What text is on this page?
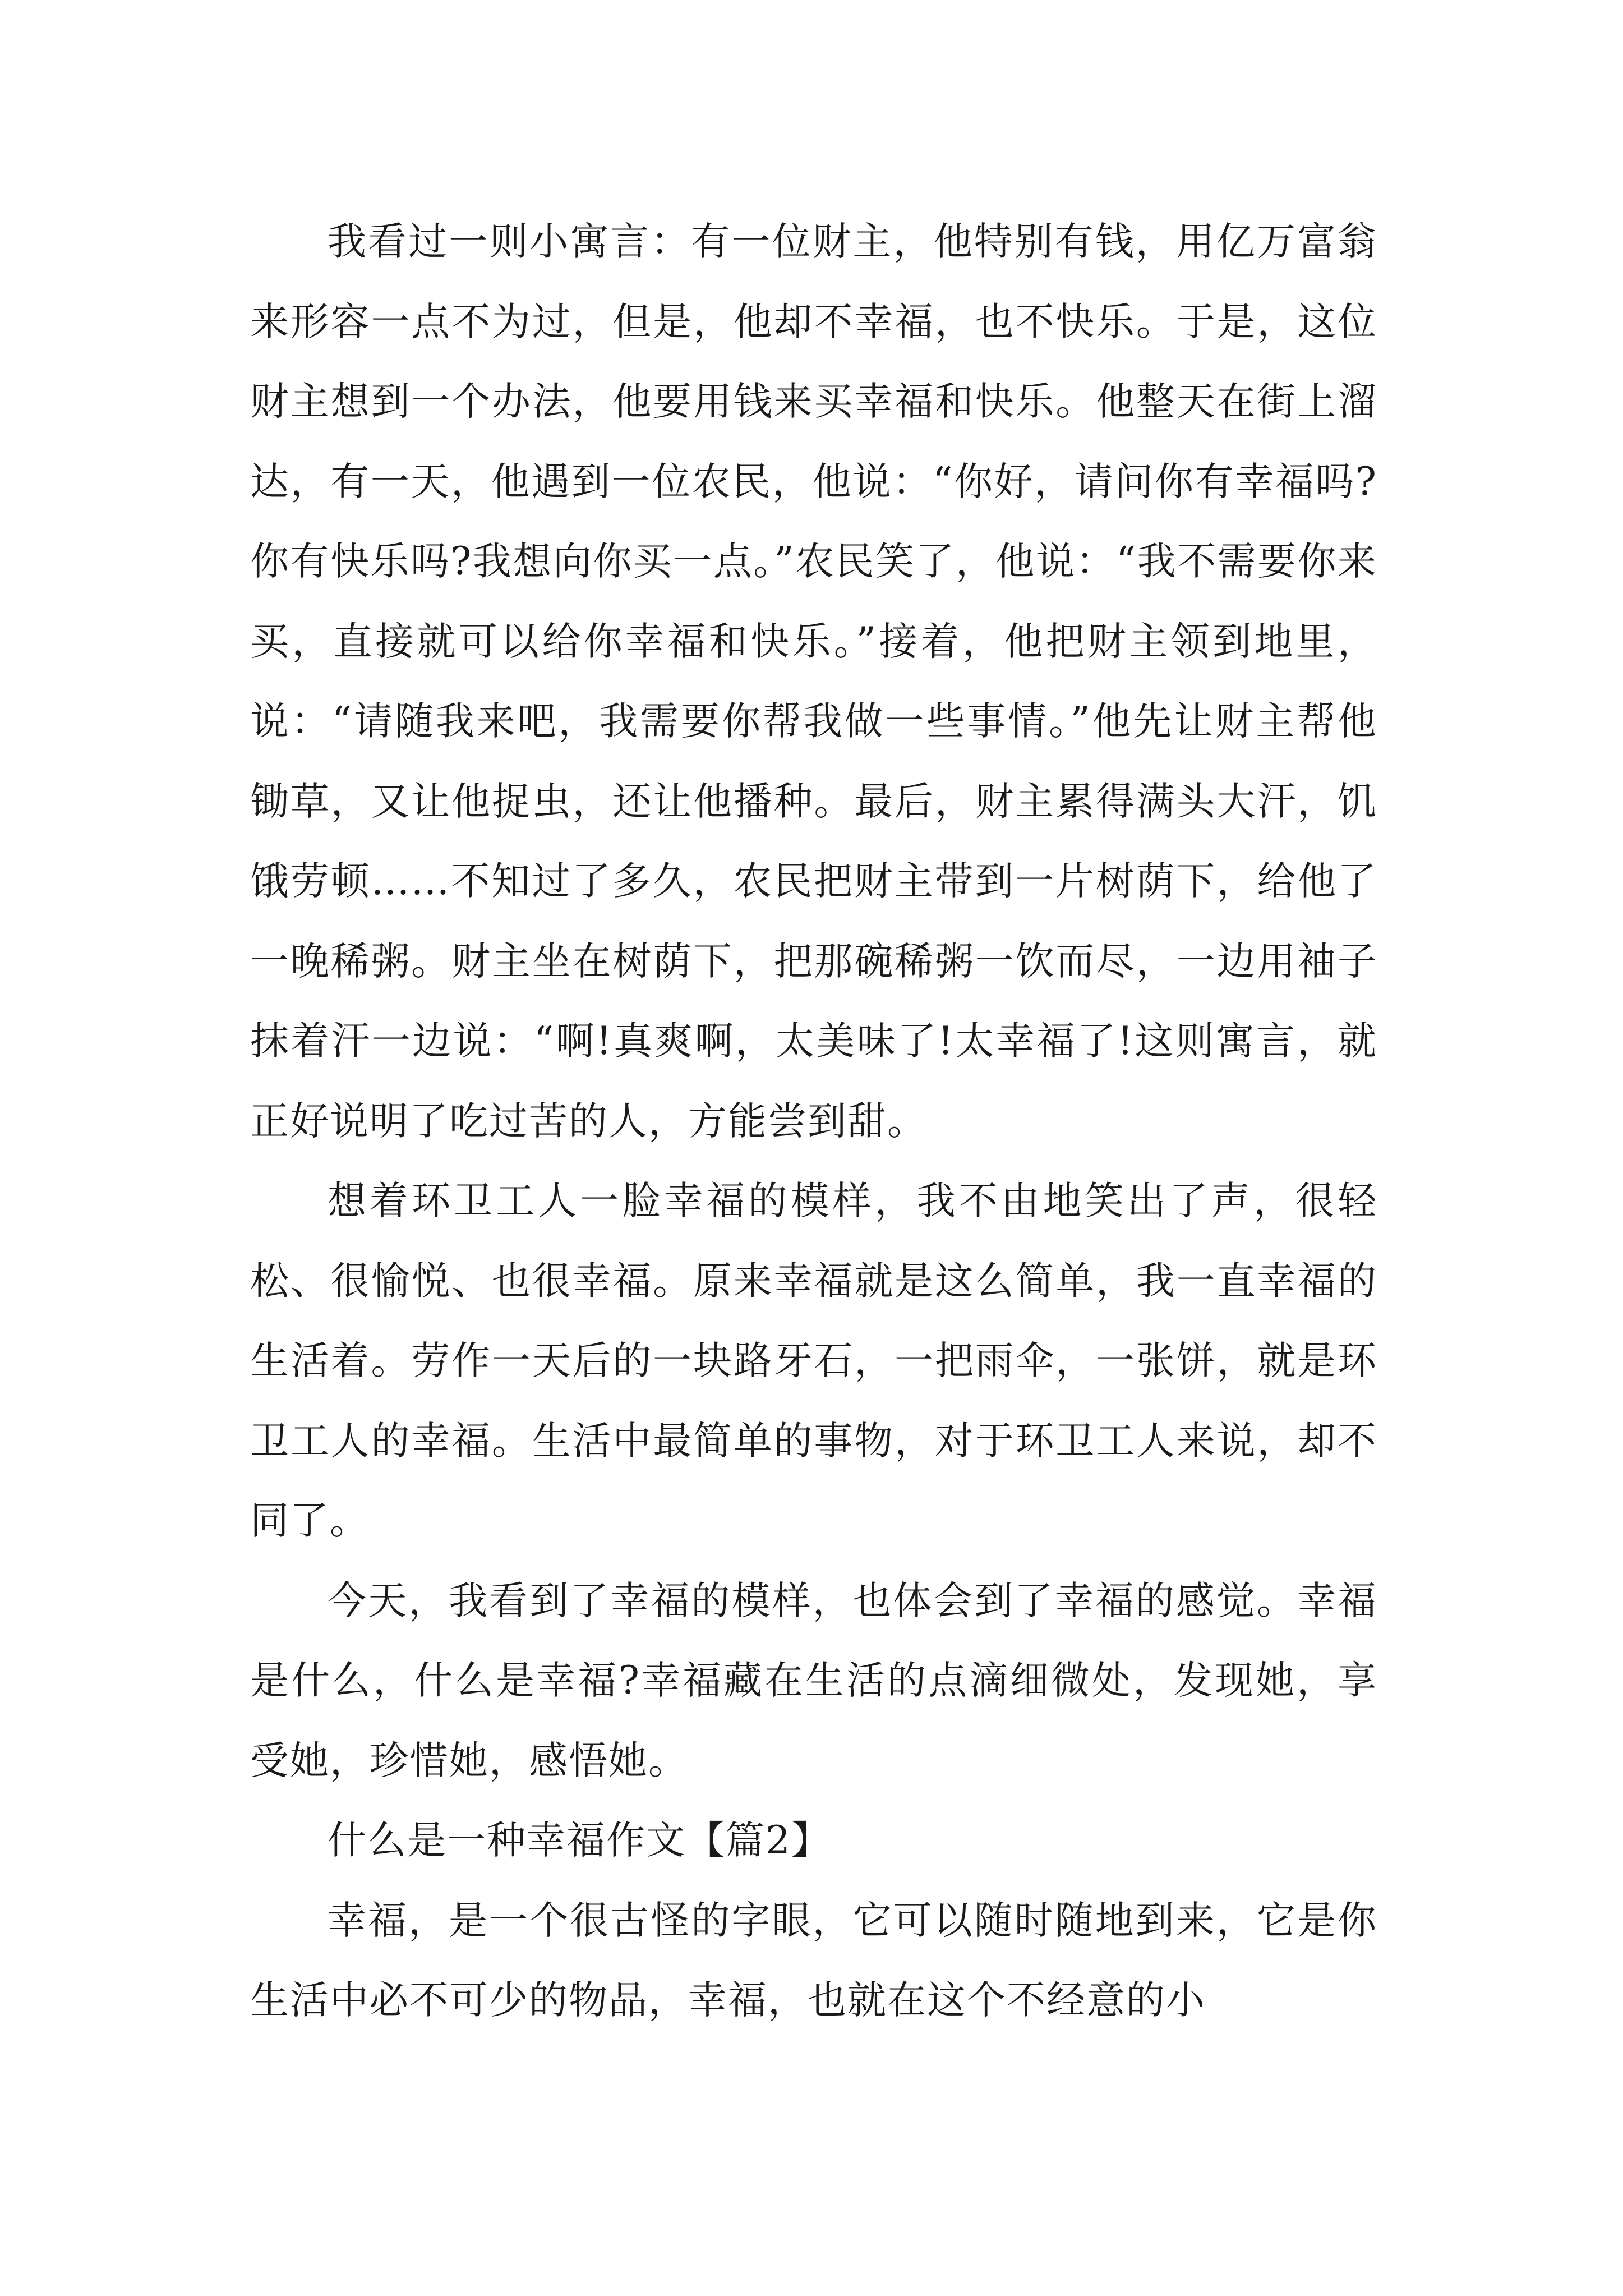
我看过一则小寓言：有一位财主，他特别有钱，用亿万富翁来形容一点不为过，但是，他却不幸福，也不快乐。于是，这位财主想到一个办法，他要用钱来买幸福和快乐。他整天在街上溜达，有一天，他遇到一位农民，他说：“你好，请问你有幸福吗?你有快乐吗?我想向你买一点。”农民笑了，他说：“我不需要你来买，直接就可以给你幸福和快乐。”接着，他把财主领到地里，说：“请随我来吧，我需要你帮我做一些事情。”他先让财主帮他锄草，又让他捉虫，还让他播种。最后，财主累得满头大汗，饥饿劳顿……不知过了多久，农民把财主带到一片树荫下，给他了一晚稀粥。财主坐在树荫下，把那碗稀粥一饮而尽，一边用袖子抹着汗一边说：“啊!真爽啊，太美味了!太幸福了!这则寓言，就正好说明了吃过苦的人，方能尝到甜。

想着环卫工人一脸幸福的模样，我不由地笑出了声，很轻松、很愉悦、也很幸福。原来幸福就是这么简单，我一直幸福的生活着。劳作一天后的一块路牙石，一把雨伞，一张饼，就是环卫工人的幸福。生活中最简单的事物，对于环卫工人来说，却不同了。

今天，我看到了幸福的模样，也体会到了幸福的感觉。幸福是什么，什么是幸福?幸福藏在生活的点滴细微处，发现她，享受她，珍惜她，感悟她。

什么是一种幸福作文【篇2】

幸福，是一个很古怪的字眼，它可以随时随地到来，它是你生活中必不可少的物品，幸福，也就在这个不经意的小
